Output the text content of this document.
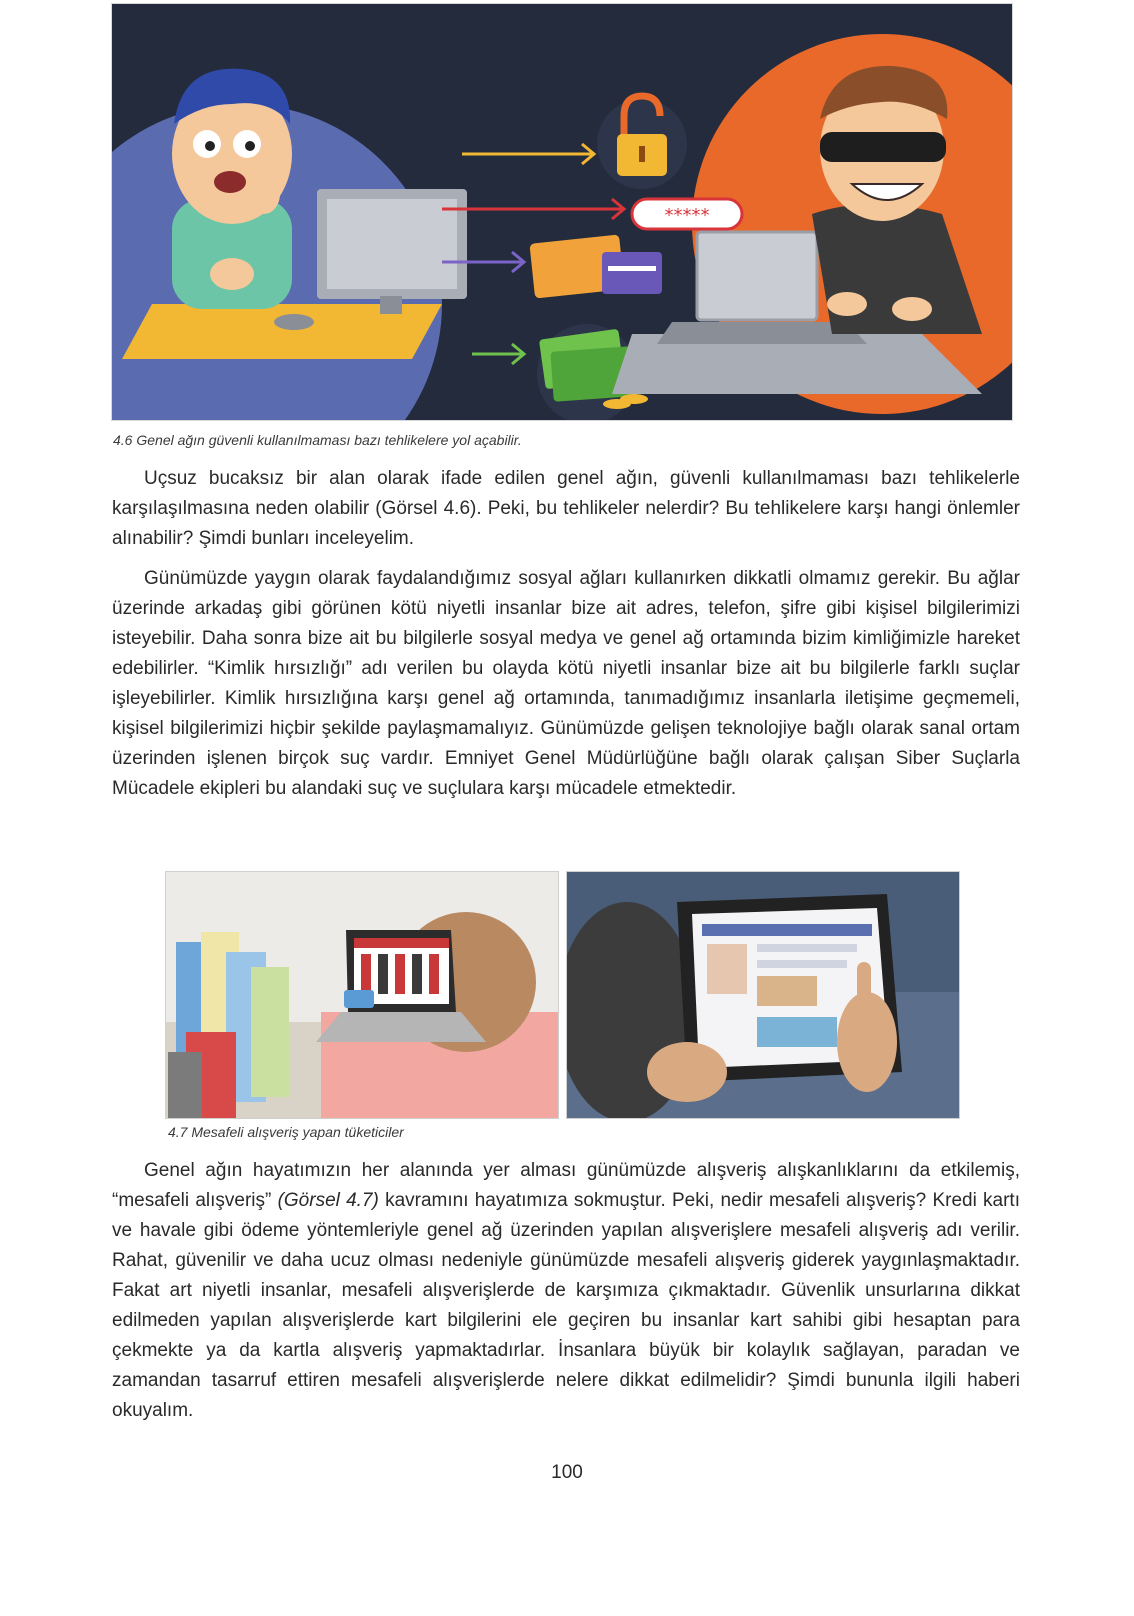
*****
4.6 Genel ağın güvenli kullanılmaması bazı tehlikelere yol açabilir.

Uçsuz bucaksız bir alan olarak ifade edilen genel ağın, güvenli kullanılmaması bazı tehlikelerle karşılaşılmasına neden olabilir (Görsel 4.6). Peki, bu tehlikeler nelerdir? Bu tehlikelere karşı hangi önlemler alınabilir? Şimdi bunları inceleyelim.

Günümüzde yaygın olarak faydalandığımız sosyal ağları kullanırken dikkatli olmamız gerekir. Bu ağlar üzerinde arkadaş gibi görünen kötü niyetli insanlar bize ait adres, telefon, şifre gibi kişisel bilgilerimizi isteyebilir. Daha sonra bize ait bu bilgilerle sosyal medya ve genel ağ ortamında bizim kimliğimizle hareket edebilirler. “Kimlik hırsızlığı” adı verilen bu olayda kötü niyetli insanlar bize ait bu bilgilerle farklı suçlar işleyebilirler. Kimlik hırsızlığına karşı genel ağ ortamında, tanımadığımız insanlarla iletişime geçmemeli, kişisel bilgilerimizi hiçbir şekilde paylaşmamalıyız. Günümüzde gelişen teknolojiye bağlı olarak sanal ortam üzerinden işlenen birçok suç vardır. Emniyet Genel Müdürlüğüne bağlı olarak çalışan Siber Suçlarla Mücadele ekipleri bu alandaki suç ve suçlulara karşı mücadele etmektedir.

4.7 Mesafeli alışveriş yapan tüketiciler

Genel ağın hayatımızın her alanında yer alması günümüzde alışveriş alışkanlıklarını da etkilemiş, “mesafeli alışveriş” (Görsel 4.7) kavramını hayatımıza sokmuştur. Peki, nedir mesafeli alışveriş? Kredi kartı ve havale gibi ödeme yöntemleriyle genel ağ üzerinden yapılan alışverişlere mesafeli alışveriş adı verilir. Rahat, güvenilir ve daha ucuz olması nedeniyle günümüzde mesafeli alışveriş giderek yaygınlaşmaktadır. Fakat art niyetli insanlar, mesafeli alışverişlerde de karşımıza çıkmaktadır. Güvenlik unsurlarına dikkat edilmeden yapılan alışverişlerde kart bilgilerini ele geçiren bu insanlar kart sahibi gibi hesaptan para çekmekte ya da kartla alışveriş yapmaktadırlar. İnsanlara büyük bir kolaylık sağlayan, paradan ve zamandan tasarruf ettiren mesafeli alışverişlerde nelere dikkat edilmelidir? Şimdi bununla ilgili haberi okuyalım.

100
